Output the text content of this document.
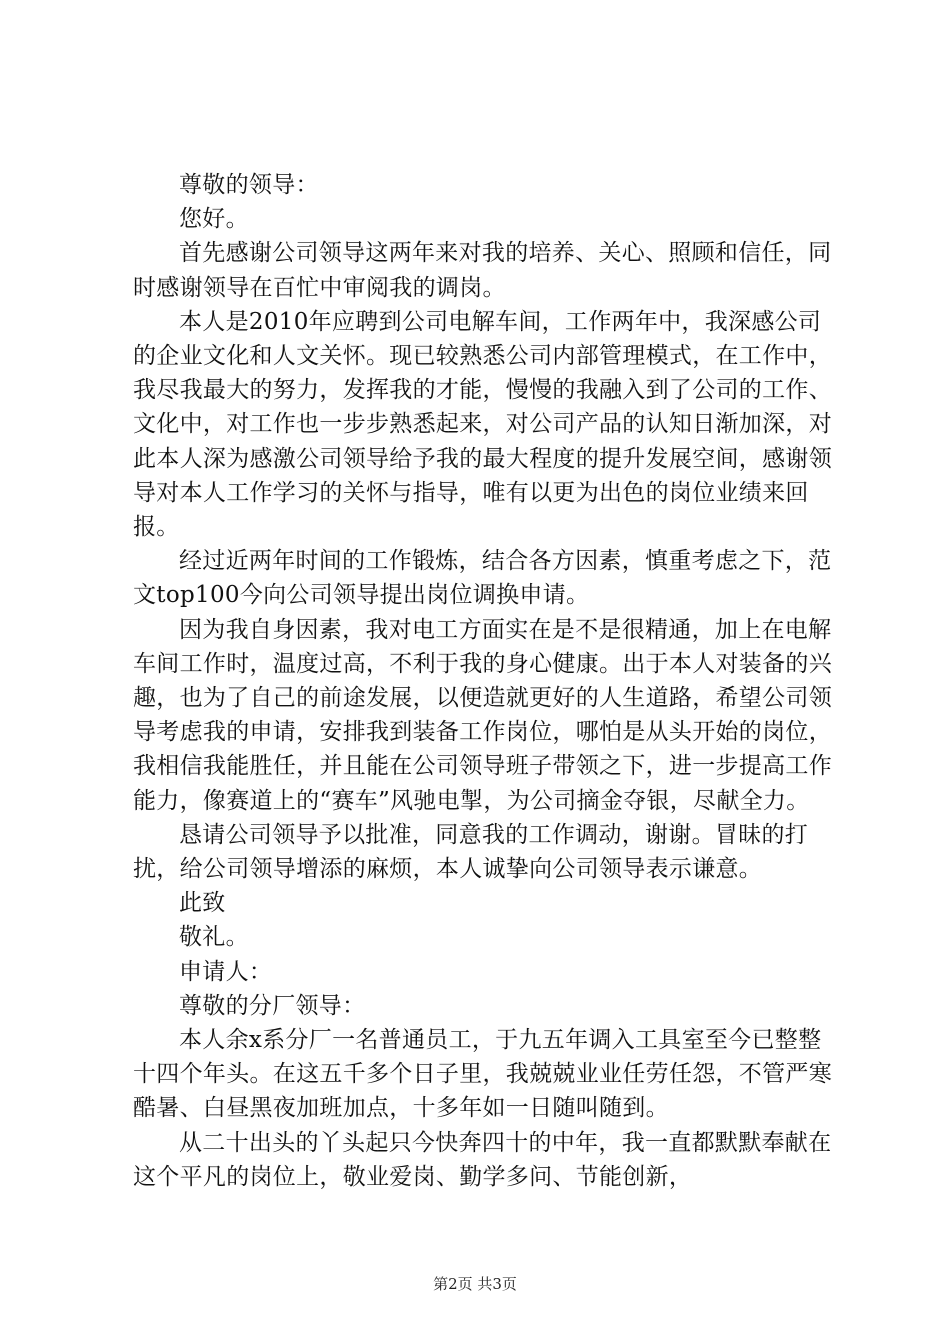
尊敬的领导：

您好。

首先感谢公司领导这两年来对我的培养、关心、照顾和信任，同时感谢领导在百忙中审阅我的调岗。

本人是2010年应聘到公司电解车间，工作两年中，我深感公司的企业文化和人文关怀。现已较熟悉公司内部管理模式，在工作中，我尽我最大的努力，发挥我的才能，慢慢的我融入到了公司的工作、文化中，对工作也一步步熟悉起来，对公司产品的认知日渐加深，对此本人深为感激公司领导给予我的最大程度的提升发展空间，感谢领导对本人工作学习的关怀与指导，唯有以更为出色的岗位业绩来回报。

经过近两年时间的工作锻炼，结合各方因素，慎重考虑之下，范文top100今向公司领导提出岗位调换申请。

因为我自身因素，我对电工方面实在是不是很精通，加上在电解车间工作时，温度过高，不利于我的身心健康。出于本人对装备的兴趣，也为了自己的前途发展，以便造就更好的人生道路，希望公司领导考虑我的申请，安排我到装备工作岗位，哪怕是从头开始的岗位，我相信我能胜任，并且能在公司领导班子带领之下，进一步提高工作能力，像赛道上的“赛车”风驰电掣，为公司摘金夺银，尽献全力。

恳请公司领导予以批准，同意我的工作调动，谢谢。冒昧的打扰，给公司领导增添的麻烦，本人诚挚向公司领导表示谦意。

此致

敬礼。

申请人：

尊敬的分厂领导：

本人余x系分厂一名普通员工，于九五年调入工具室至今已整整十四个年头。在这五千多个日子里，我兢兢业业任劳任怨，不管严寒酷暑、白昼黑夜加班加点，十多年如一日随叫随到。

从二十出头的丫头起只今快奔四十的中年，我一直都默默奉献在这个平凡的岗位上，敬业爱岗、勤学多问、节能创新，

第2页 共3页
